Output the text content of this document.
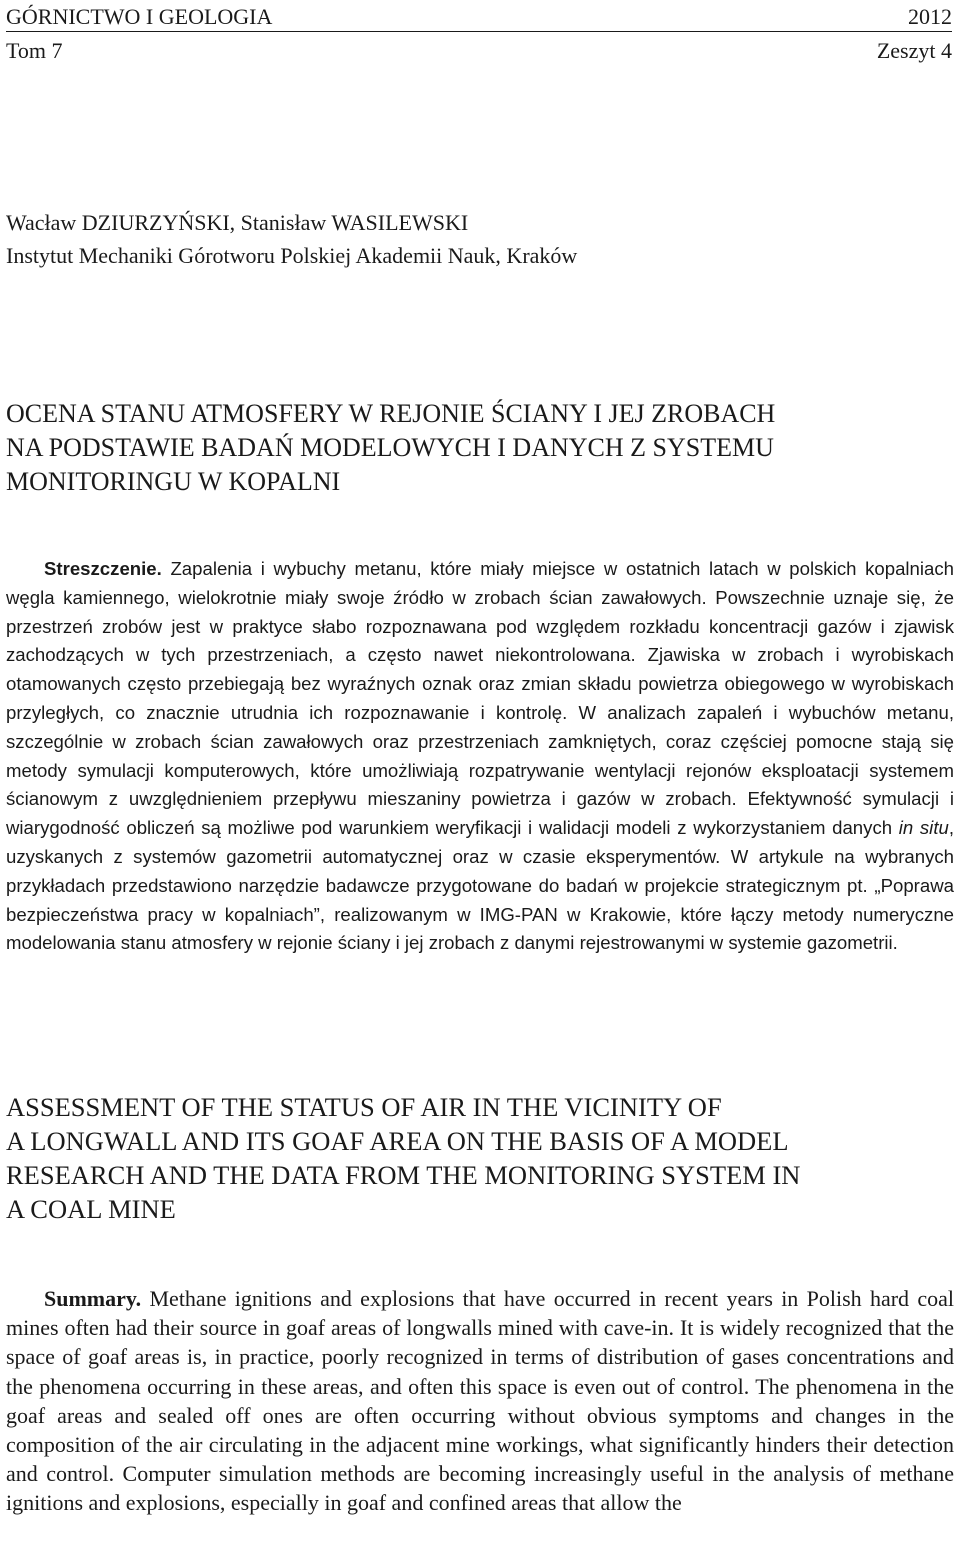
GÓRNICTWO I GEOLOGIA	2012
Tom 7	Zeszyt 4
Wacław DZIURZYŃSKI, Stanisław WASILEWSKI
Instytut Mechaniki Górotworu Polskiej Akademii Nauk, Kraków
OCENA STANU ATMOSFERY W REJONIE ŚCIANY I JEJ ZROBACH
NA PODSTAWIE BADAŃ MODELOWYCH I DANYCH Z SYSTEMU
MONITORINGU W KOPALNI

Streszczenie. Zapalenia i wybuchy metanu, które miały miejsce w ostatnich latach w polskich kopalniach węgla kamiennego, wielokrotnie miały swoje źródło w zrobach ścian zawałowych. Powszechnie uznaje się, że przestrzeń zrobów jest w praktyce słabo rozpoznawana pod względem rozkładu koncentracji gazów i zjawisk zachodzących w tych przestrzeniach, a często nawet niekontrolowana. Zjawiska w zrobach i wyrobiskach otamowanych często przebiegają bez wyraźnych oznak oraz zmian składu powietrza obiegowego w wyrobiskach przyległych, co znacznie utrudnia ich rozpoznawanie i kontrolę. W analizach zapaleń i wybuchów metanu, szczególnie w zrobach ścian zawałowych oraz przestrzeniach zamkniętych, coraz częściej pomocne stają się metody symulacji komputerowych, które umożliwiają rozpatrywanie wentylacji rejonów eksploatacji systemem ścianowym z uwzględnieniem przepływu mieszaniny powietrza i gazów w zrobach. Efektywność symulacji i wiarygodność obliczeń są możliwe pod warunkiem weryfikacji i walidacji modeli z wykorzystaniem danych in situ, uzyskanych z systemów gazometrii automatycznej oraz w czasie eksperymentów. W artykule na wybranych przykładach przedstawiono narzędzie badawcze przygotowane do badań w projekcie strategicznym pt. „Poprawa bezpieczeństwa pracy w kopalniach”, realizowanym w IMG-PAN w Krakowie, które łączy metody numeryczne modelowania stanu atmosfery w rejonie ściany i jej zrobach z danymi rejestrowanymi w systemie gazometrii.

ASSESSMENT OF THE STATUS OF AIR IN THE VICINITY OF
A LONGWALL AND ITS GOAF AREA ON THE BASIS OF A MODEL
RESEARCH AND THE DATA FROM THE MONITORING SYSTEM IN
A COAL MINE

Summary. Methane ignitions and explosions that have occurred in recent years in Polish hard coal mines often had their source in goaf areas of longwalls mined with cave-in. It is widely recognized that the space of goaf areas is, in practice, poorly recognized in terms of distribution of gases concentrations and the phenomena occurring in these areas, and often this space is even out of control. The phenomena in the goaf areas and sealed off ones are often occurring without obvious symptoms and changes in the composition of the air circulating in the adjacent mine workings, what significantly hinders their detection and control. Computer simulation methods are becoming increasingly useful in the analysis of methane ignitions and explosions, especially in goaf and confined areas that allow the
